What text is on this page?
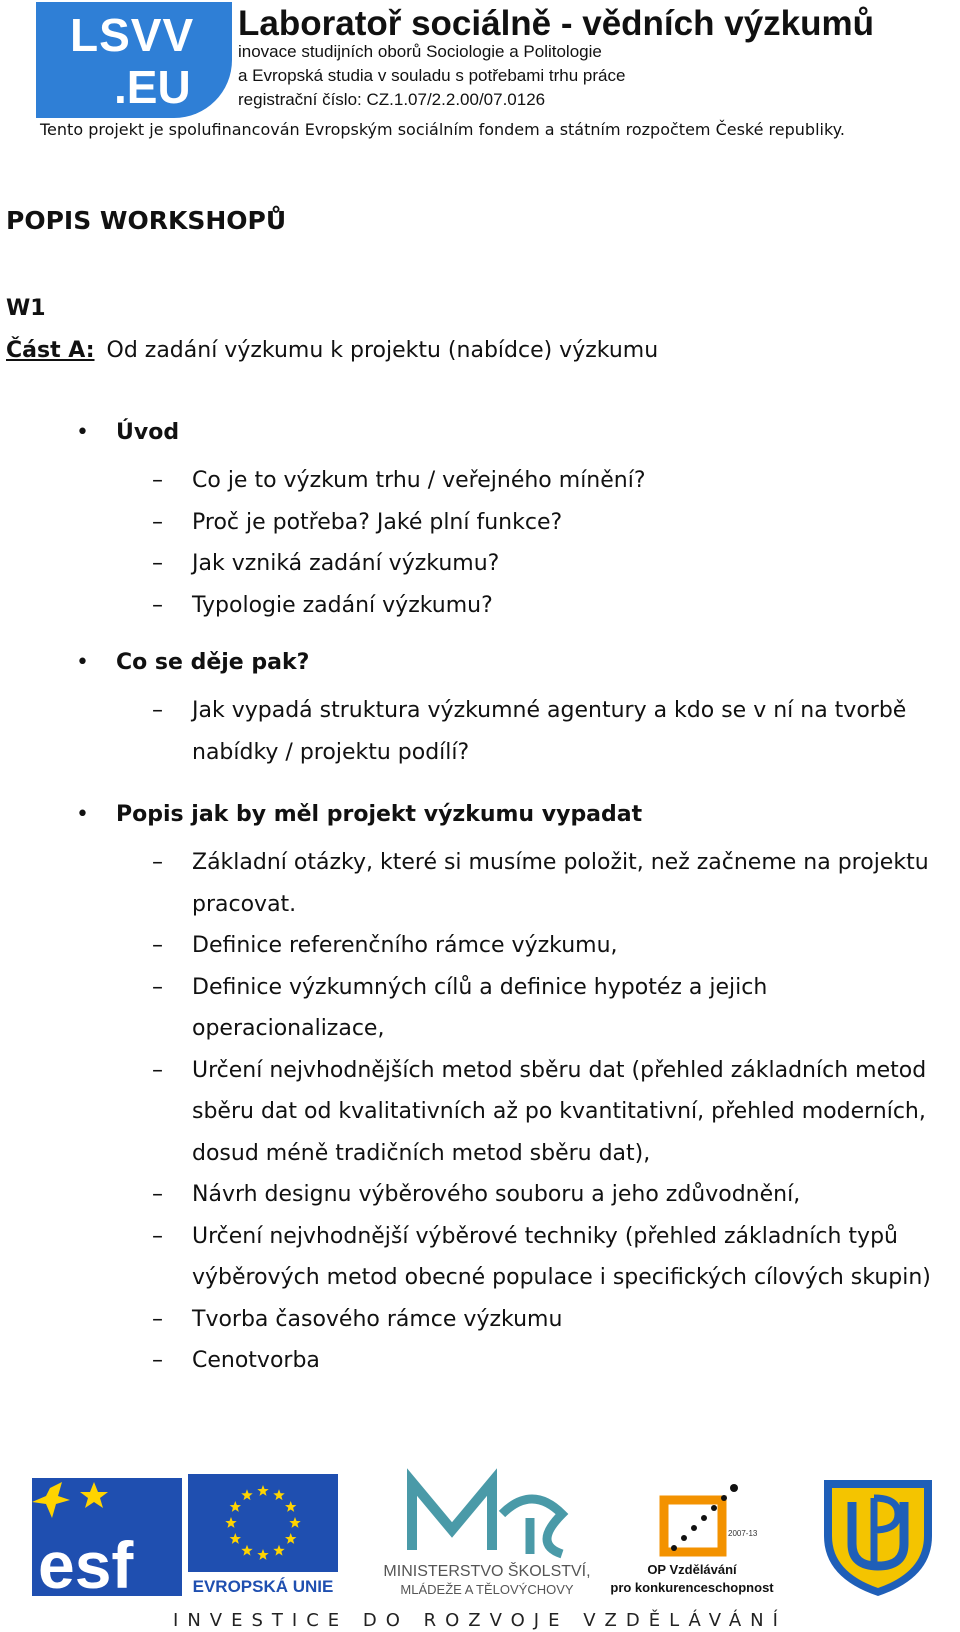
LSVV
.EU
Laboratoř sociálně - vědních výzkumů
inovace studijních oborů Sociologie a Politologie
a Evropská studia v souladu s potřebami trhu práce
registrační číslo: CZ.1.07/2.2.00/07.0126
Tento projekt je spolufinancován Evropským sociálním fondem a státním rozpočtem České republiky.
POPIS WORKSHOPŮ
W1
Část A: Od zadání výzkumu k projektu (nabídce) výzkumu
• Úvod
– Co je to výzkum trhu / veřejného mínění?
– Proč je potřeba? Jaké plní funkce?
– Jak vzniká zadání výzkumu?
– Typologie zadání výzkumu?
• Co se děje pak?
– Jak vypadá struktura výzkumné agentury a kdo se v ní na tvorbě nabídky / projektu podílí?
• Popis jak by měl projekt výzkumu vypadat
– Základní otázky, které si musíme položit, než začneme na projektu pracovat.
– Definice referenčního rámce výzkumu,
– Definice výzkumných cílů a definice hypotéz a jejich operacionalizace,
– Určení nejvhodnějších metod sběru dat (přehled základních metod sběru dat od kvalitativních až po kvantitativní, přehled moderních, dosud méně tradičních metod sběru dat),
– Návrh designu výběrového souboru a jeho zdůvodnění,
– Určení nejvhodnější výběrové techniky (přehled základních typů výběrových metod obecné populace i specifických cílových skupin)
– Tvorba časového rámce výzkumu
– Cenotvorba
esf	EVROPSKÁ UNIE
MINISTERSTVO ŠKOLSTVÍ,
MLÁDEŽE A TĚLOVÝCHOVY
2007-13
OP Vzdělávání
pro konkurenceschopnost
INVESTICE DO ROZVOJE VZDĚLÁVÁNÍ
